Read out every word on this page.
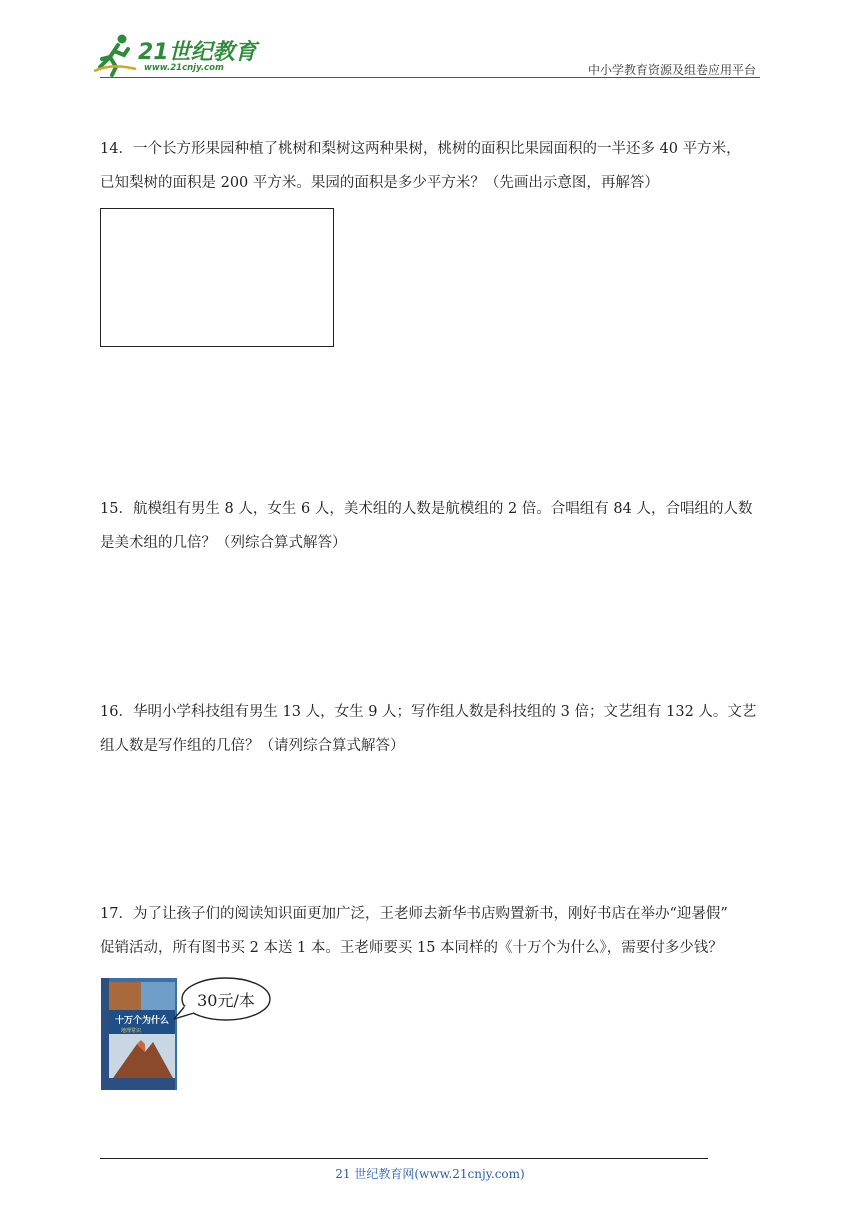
21世纪教育
www.21cnjy.com	中小学教育资源及组卷应用平台
14．一个长方形果园种植了桃树和梨树这两种果树，桃树的面积比果园面积的一半还多 40 平方米，
已知梨树的面积是 200 平方米。果园的面积是多少平方米？（先画出示意图，再解答）
15．航模组有男生 8 人，女生 6 人，美术组的人数是航模组的 2 倍。合唱组有 84 人，合唱组的人数
是美术组的几倍？（列综合算式解答）
16．华明小学科技组有男生 13 人，女生 9 人；写作组人数是科技组的 3 倍；文艺组有 132 人。文艺
组人数是写作组的几倍？（请列综合算式解答）
17．为了让孩子们的阅读知识面更加广泛，王老师去新华书店购置新书，刚好书店在举办“迎暑假”
促销活动，所有图书买 2 本送 1 本。王老师要买 15 本同样的《十万个为什么》，需要付多少钱？
十万个为什么
地理常识
30元/本
21 世纪教育网(www.21cnjy.com)
